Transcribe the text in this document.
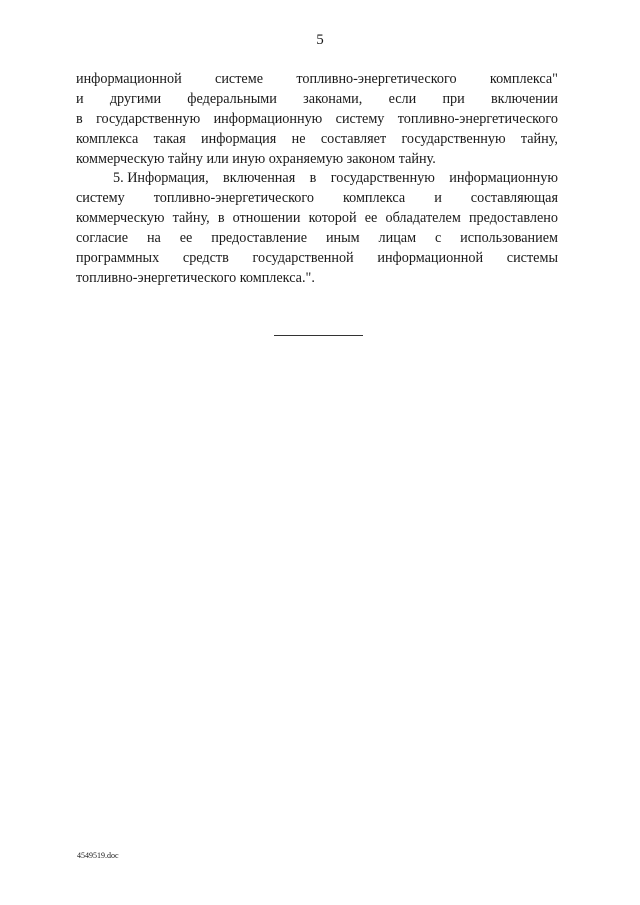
5
информационной системе топливно-энергетического комплекса"
и другими федеральными законами, если при включении
в государственную информационную систему топливно-энергетического
комплекса такая информация не составляет государственную тайну,
коммерческую тайну или иную охраняемую законом тайну.
5. Информация, включенная в государственную информационную
систему топливно-энергетического комплекса и составляющая
коммерческую тайну, в отношении которой ее обладателем предоставлено
согласие на ее предоставление иным лицам с использованием
программных средств государственной информационной системы
топливно-энергетического комплекса.".
4549519.doc
